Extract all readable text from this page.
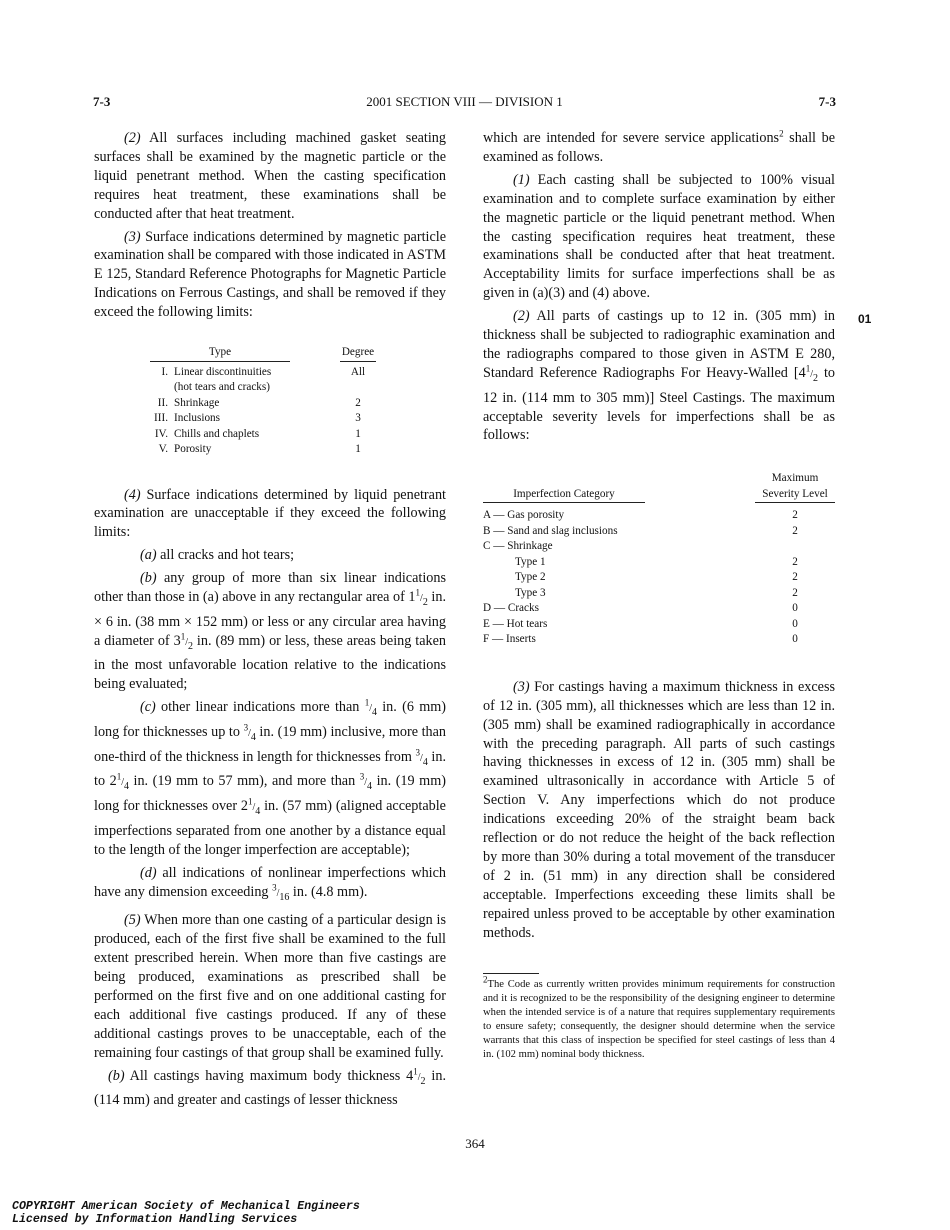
7-3	2001 SECTION VIII — DIVISION 1	7-3

(2) All surfaces including machined gasket seating surfaces shall be examined by the magnetic particle or the liquid penetrant method. When the casting specification requires heat treatment, these examinations shall be conducted after that heat treatment.

(3) Surface indications determined by magnetic particle examination shall be compared with those indicated in ASTM E 125, Standard Reference Photographs for Magnetic Particle Indications on Ferrous Castings, and shall be removed if they exceed the following limits:

Type			Degree

I.	Linear discontinuities		All
	(hot tears and cracks)		
II.	Shrinkage		2
III.	Inclusions		3
IV.	Chills and chaplets		1
V.	Porosity		1

(4) Surface indications determined by liquid penetrant examination are unacceptable if they exceed the following limits:

(a) all cracks and hot tears;

(b) any group of more than six linear indications other than those in (a) above in any rectangular area of $1^1/_2$ in. × 6 in. (38 mm × 152 mm) or less or any circular area having a diameter of $3^1/_2$ in. (89 mm) or less, these areas being taken in the most unfavorable location relative to the indications being evaluated;

(c) other linear indications more than $^1/_4$ in. (6 mm) long for thicknesses up to $^3/_4$ in. (19 mm) inclusive, more than one-third of the thickness in length for thicknesses from $^3/_4$ in. to $2^1/_4$ in. (19 mm to 57 mm), and more than $^3/_4$ in. (19 mm) long for thicknesses over $2^1/_4$ in. (57 mm) (aligned acceptable imperfections separated from one another by a distance equal to the length of the longer imperfection are acceptable);

(d) all indications of nonlinear imperfections which have any dimension exceeding $^3/_{16}$ in. (4.8 mm).

(5) When more than one casting of a particular design is produced, each of the first five shall be examined to the full extent prescribed herein. When more than five castings are being produced, examinations as prescribed shall be performed on the first five and on one additional casting for each additional five castings produced. If any of these additional castings proves to be unacceptable, each of the remaining four castings of that group shall be examined fully.

(b) All castings having maximum body thickness $4^1/_2$ in. (114 mm) and greater and castings of lesser thickness

which are intended for severe service applications$^2$ shall be examined as follows.

(1) Each casting shall be subjected to 100% visual examination and to complete surface examination by either the magnetic particle or the liquid penetrant method. When the casting specification requires heat treatment, these examinations shall be conducted after that heat treatment. Acceptability limits for surface imperfections shall be as given in (a)(3) and (4) above.

(2) All parts of castings up to 12 in. (305 mm) in thickness shall be subjected to radiographic examination and the radiographs compared to those given in ASTM E 280, Standard Reference Radiographs For Heavy-Walled [$4^1/_2$ to 12 in. (114 mm to 305 mm)] Steel Castings. The maximum acceptable severity levels for imperfections shall be as follows:

		Maximum
Imperfection Category		Severity Level

A — Gas porosity		2
B — Sand and slag inclusions		2
C — Shrinkage		
Type 1		2
Type 2		2
Type 3		2
D — Cracks		0
E — Hot tears		0
F — Inserts		0

(3) For castings having a maximum thickness in excess of 12 in. (305 mm), all thicknesses which are less than 12 in. (305 mm) shall be examined radiographically in accordance with the preceding paragraph. All parts of such castings having thicknesses in excess of 12 in. (305 mm) shall be examined ultrasonically in accordance with Article 5 of Section V. Any imperfections which do not produce indications exceeding 20% of the straight beam back reflection or do not reduce the height of the back reflection by more than 30% during a total movement of the transducer of 2 in. (51 mm) in any direction shall be considered acceptable. Imperfections exceeding these limits shall be repaired unless proved to be acceptable by other examination methods.

$^2$The Code as currently written provides minimum requirements for construction and it is recognized to be the responsibility of the designing engineer to determine when the intended service is of a nature that requires supplementary requirements to ensure safety; consequently, the designer should determine when the service warrants that this class of inspection be specified for steel castings of less than 4 in. (102 mm) nominal body thickness.
01
364
COPYRIGHT American Society of Mechanical Engineers
Licensed by Information Handling Services
